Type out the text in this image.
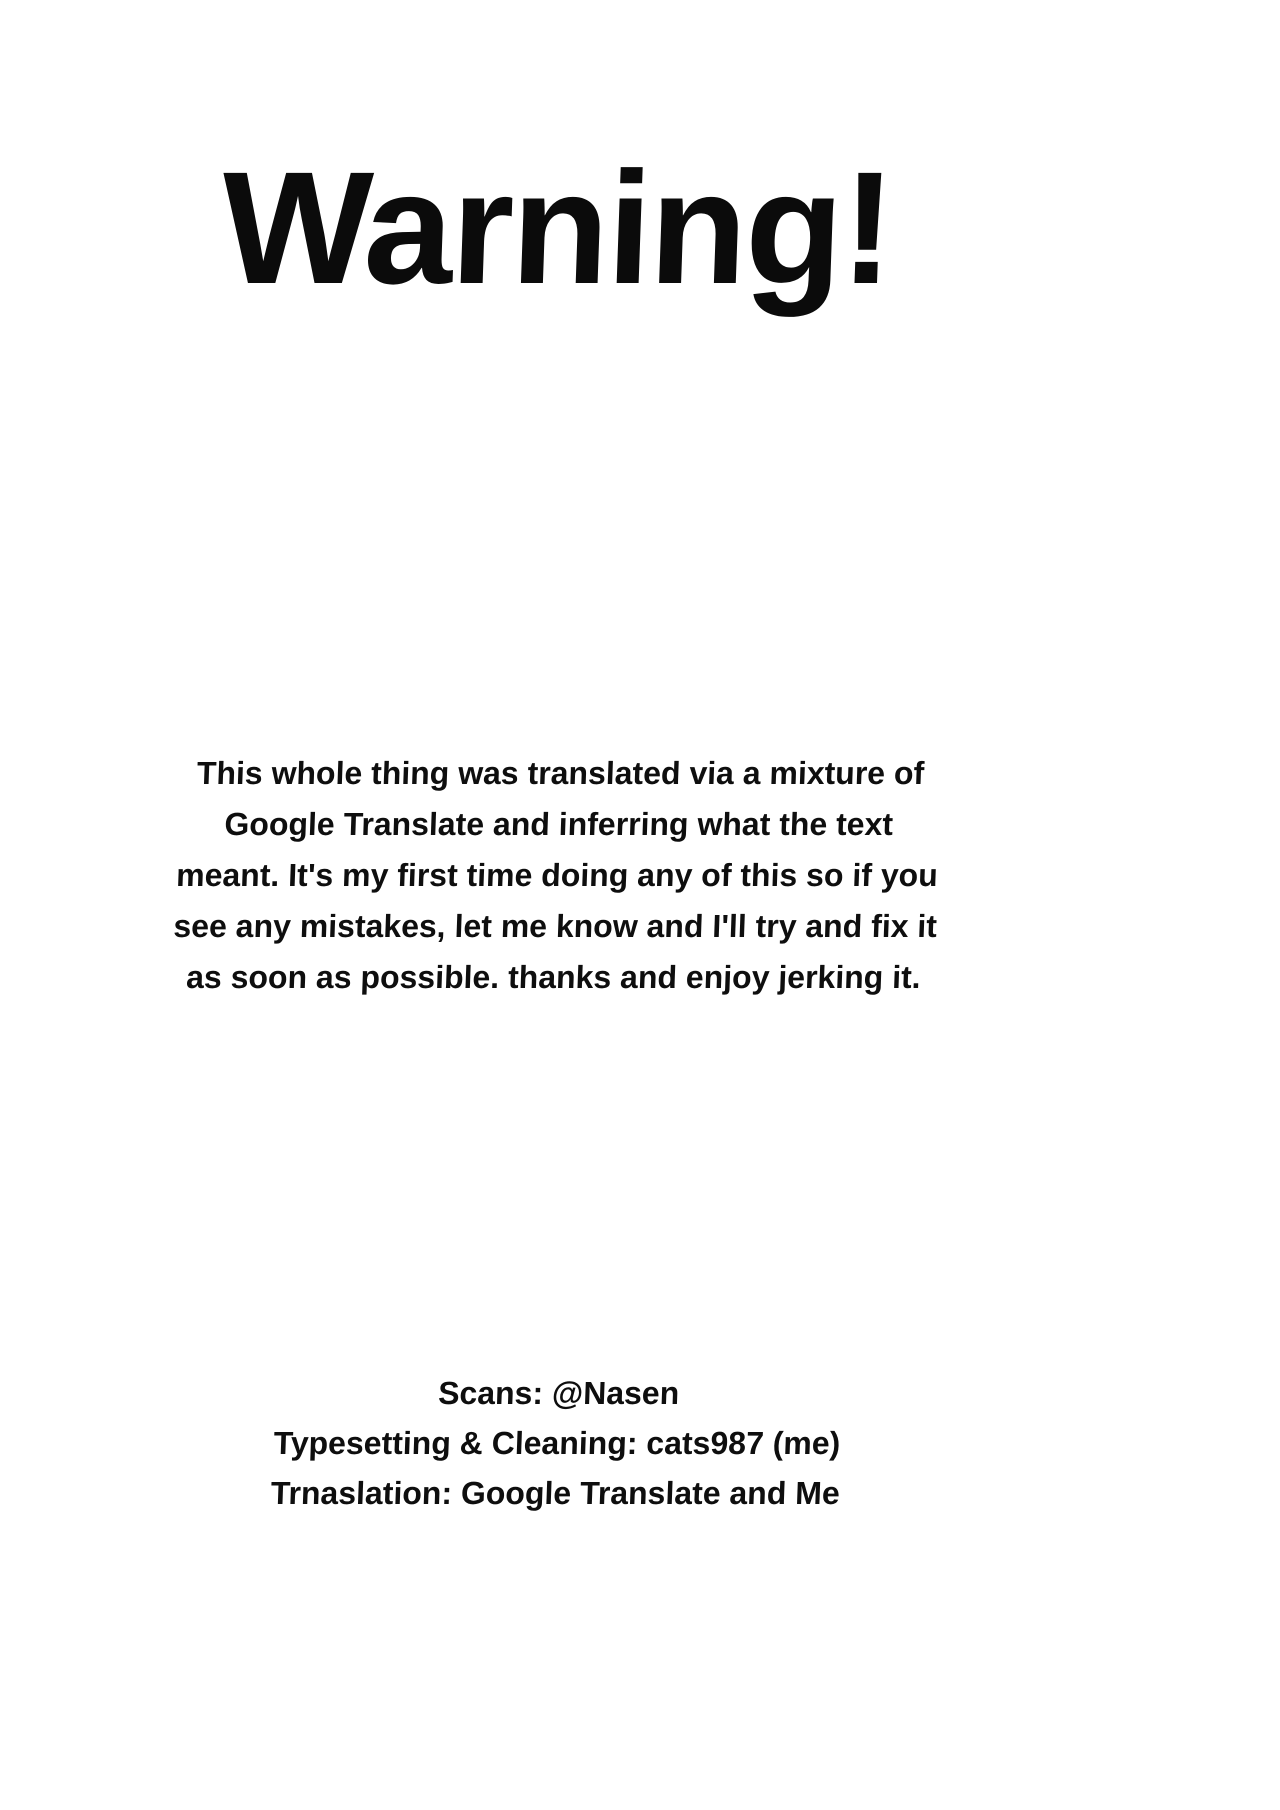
Warning!
This whole thing was translated via a mixture of
Google Translate and inferring what the text
meant. It's my first time doing any of this so if you
see any mistakes, let me know and I'll try and fix it
as soon as possible. thanks and enjoy jerking it.
Scans: @Nasen
Typesetting & Cleaning: cats987 (me)
Trnaslation: Google Translate and Me
